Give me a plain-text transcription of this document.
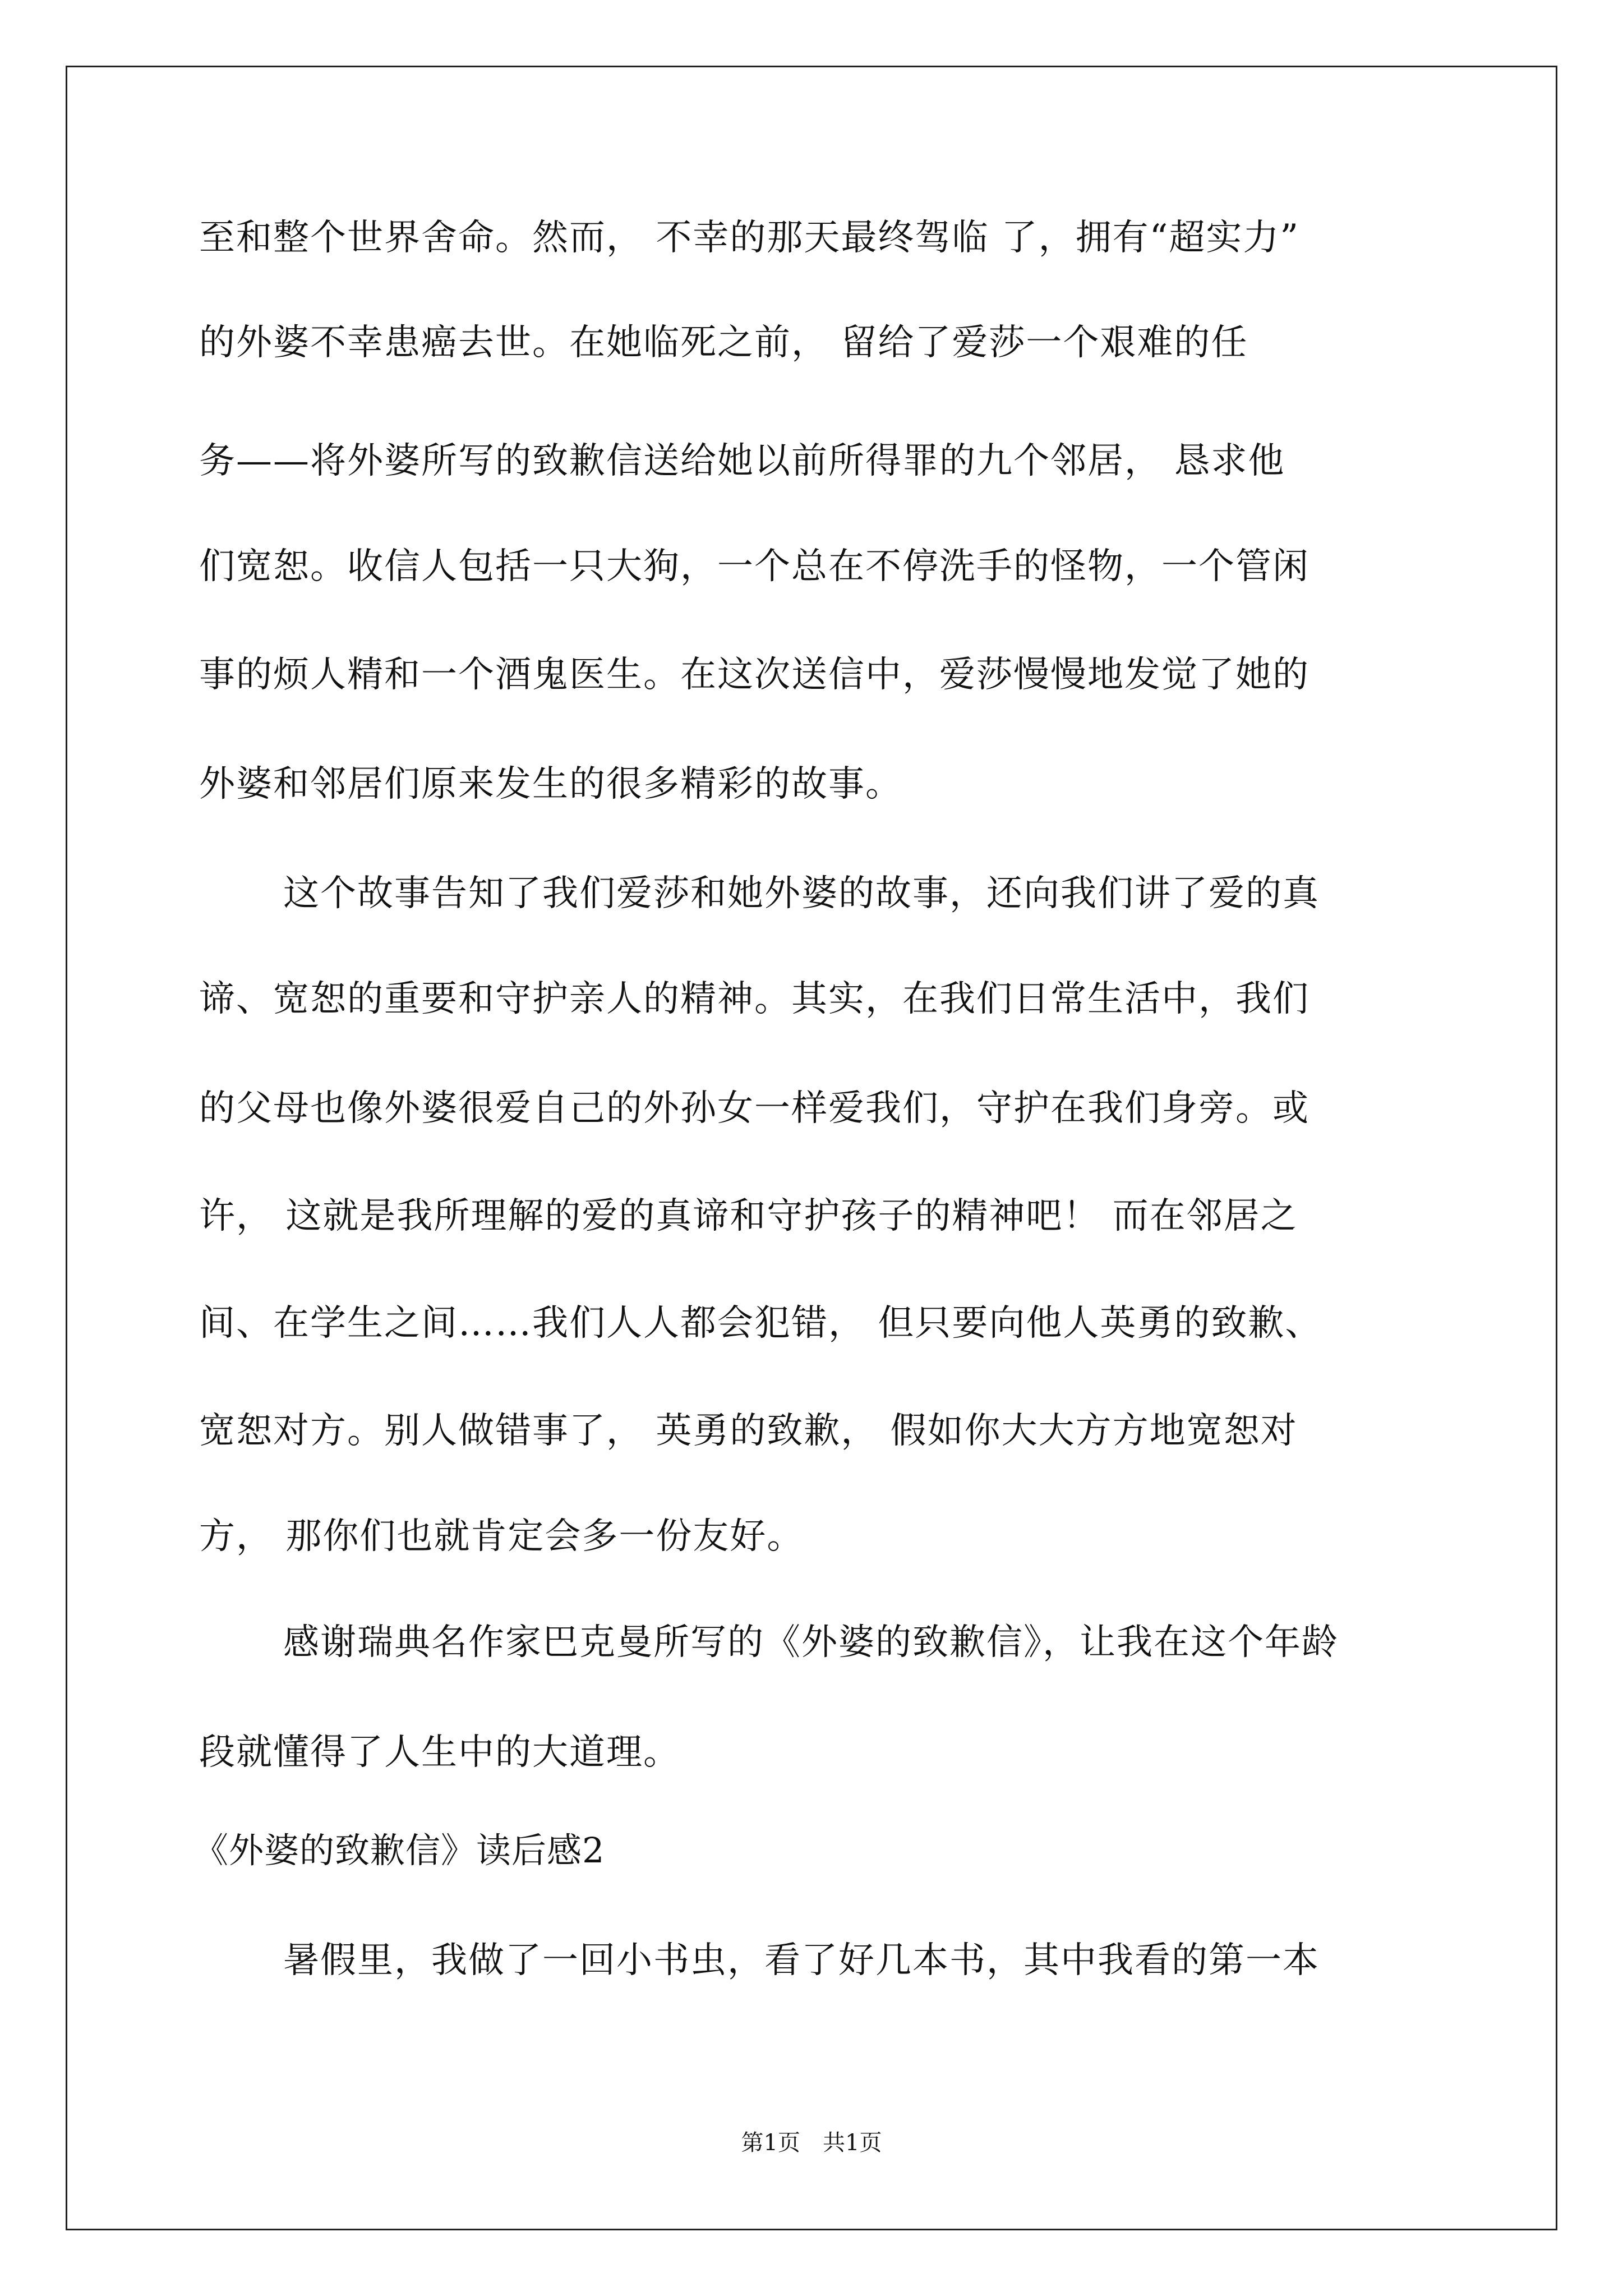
至和整个世界舍命。然而， 不幸的那天最终驾临 了，拥有“超实力”
的外婆不幸患癌去世。在她临死之前， 留给了爱莎一个艰难的任
务——将外婆所写的致歉信送给她以前所得罪的九个邻居， 恳求他
们宽恕。收信人包括一只大狗，一个总在不停洗手的怪物，一个管闲
事的烦人精和一个酒鬼医生。在这次送信中，爱莎慢慢地发觉了她的
外婆和邻居们原来发生的很多精彩的故事。
这个故事告知了我们爱莎和她外婆的故事，还向我们讲了爱的真
谛、宽恕的重要和守护亲人的精神。其实，在我们日常生活中，我们
的父母也像外婆很爱自己的外孙女一样爱我们，守护在我们身旁。或
许， 这就是我所理解的爱的真谛和守护孩子的精神吧！ 而在邻居之
间、在学生之间……我们人人都会犯错， 但只要向他人英勇的致歉、
宽恕对方。别人做错事了， 英勇的致歉， 假如你大大方方地宽恕对
方， 那你们也就肯定会多一份友好。
感谢瑞典名作家巴克曼所写的《外婆的致歉信》，让我在这个年龄
段就懂得了人生中的大道理。
《外婆的致歉信》读后感2
暑假里，我做了一回小书虫，看了好几本书，其中我看的第一本
第1页　共1页
